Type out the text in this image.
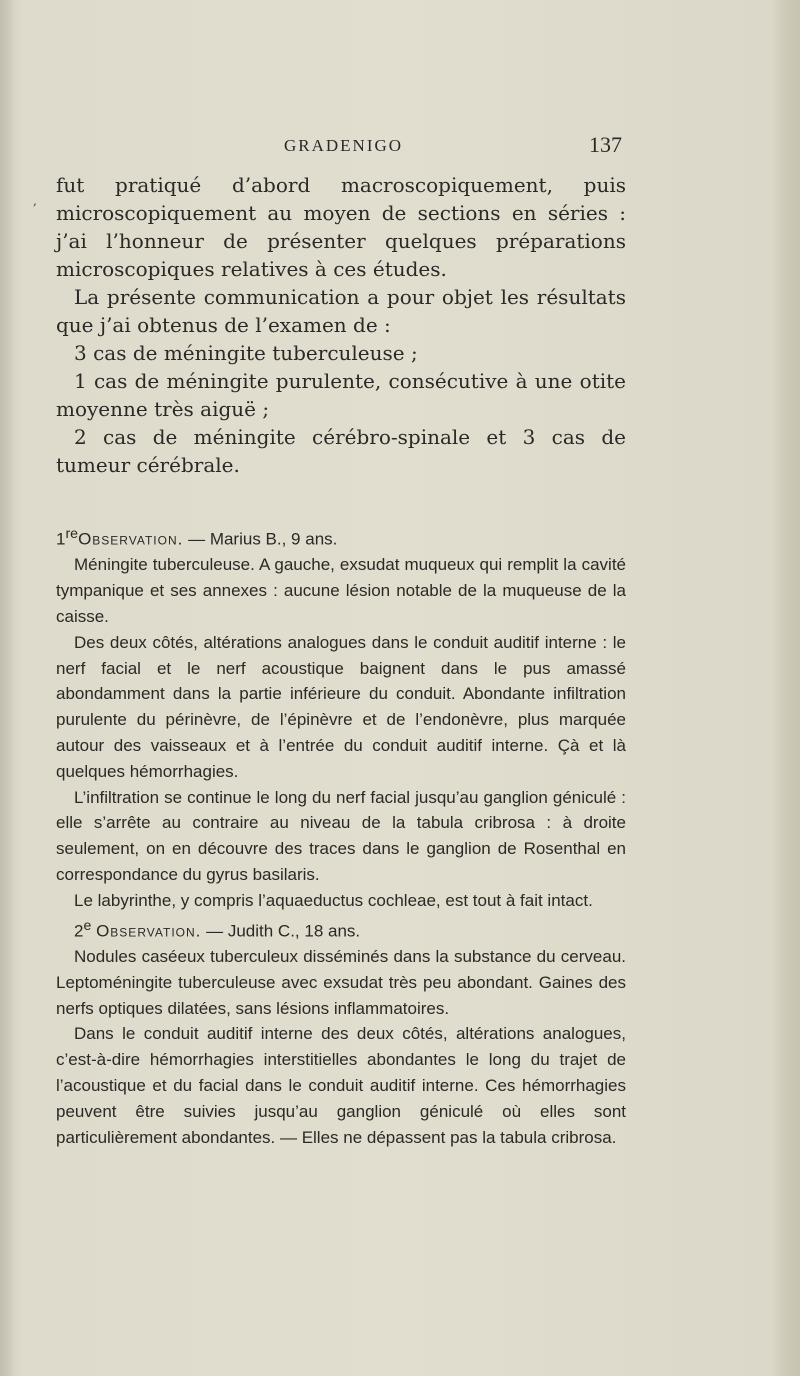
GRADENIGO	137
,

fut pratiqué d’abord macroscopiquement, puis microscopiquement au moyen de sections en séries : j’ai l’honneur de présenter quelques préparations microscopiques relatives à ces études.

La présente communication a pour objet les résultats que j’ai obtenus de l’examen de :

3 cas de méningite tuberculeuse ;

1 cas de méningite purulente, consécutive à une otite moyenne très aiguë ;

2 cas de méningite cérébro-spinale et 3 cas de tumeur cérébrale.

1reObservation. — Marius B., 9 ans.

Méningite tuberculeuse. A gauche, exsudat muqueux qui remplit la cavité tympanique et ses annexes : aucune lésion notable de la muqueuse de la caisse.

Des deux côtés, altérations analogues dans le conduit auditif interne : le nerf facial et le nerf acoustique baignent dans le pus amassé abondamment dans la partie inférieure du conduit. Abondante infiltration purulente du périnèvre, de l’épinèvre et de l’endonèvre, plus marquée autour des vaisseaux et à l’entrée du conduit auditif interne. Çà et là quelques hémorrhagies.

L’infiltration se continue le long du nerf facial jusqu’au ganglion géniculé : elle s’arrête au contraire au niveau de la tabula cribrosa : à droite seulement, on en découvre des traces dans le ganglion de Rosenthal en correspondance du gyrus basilaris.

Le labyrinthe, y compris l’aquaeductus cochleae, est tout à fait intact.

2e Observation. — Judith C., 18 ans.

Nodules caséeux tuberculeux disséminés dans la substance du cerveau. Leptoméningite tuberculeuse avec exsudat très peu abondant. Gaines des nerfs optiques dilatées, sans lésions inflammatoires.

Dans le conduit auditif interne des deux côtés, altérations analogues, c’est-à-dire hémorrhagies interstitielles abondantes le long du trajet de l’acoustique et du facial dans le conduit auditif interne. Ces hémorrhagies peuvent être suivies jusqu’au ganglion géniculé où elles sont particulièrement abondantes. — Elles ne dépassent pas la tabula cribrosa.
